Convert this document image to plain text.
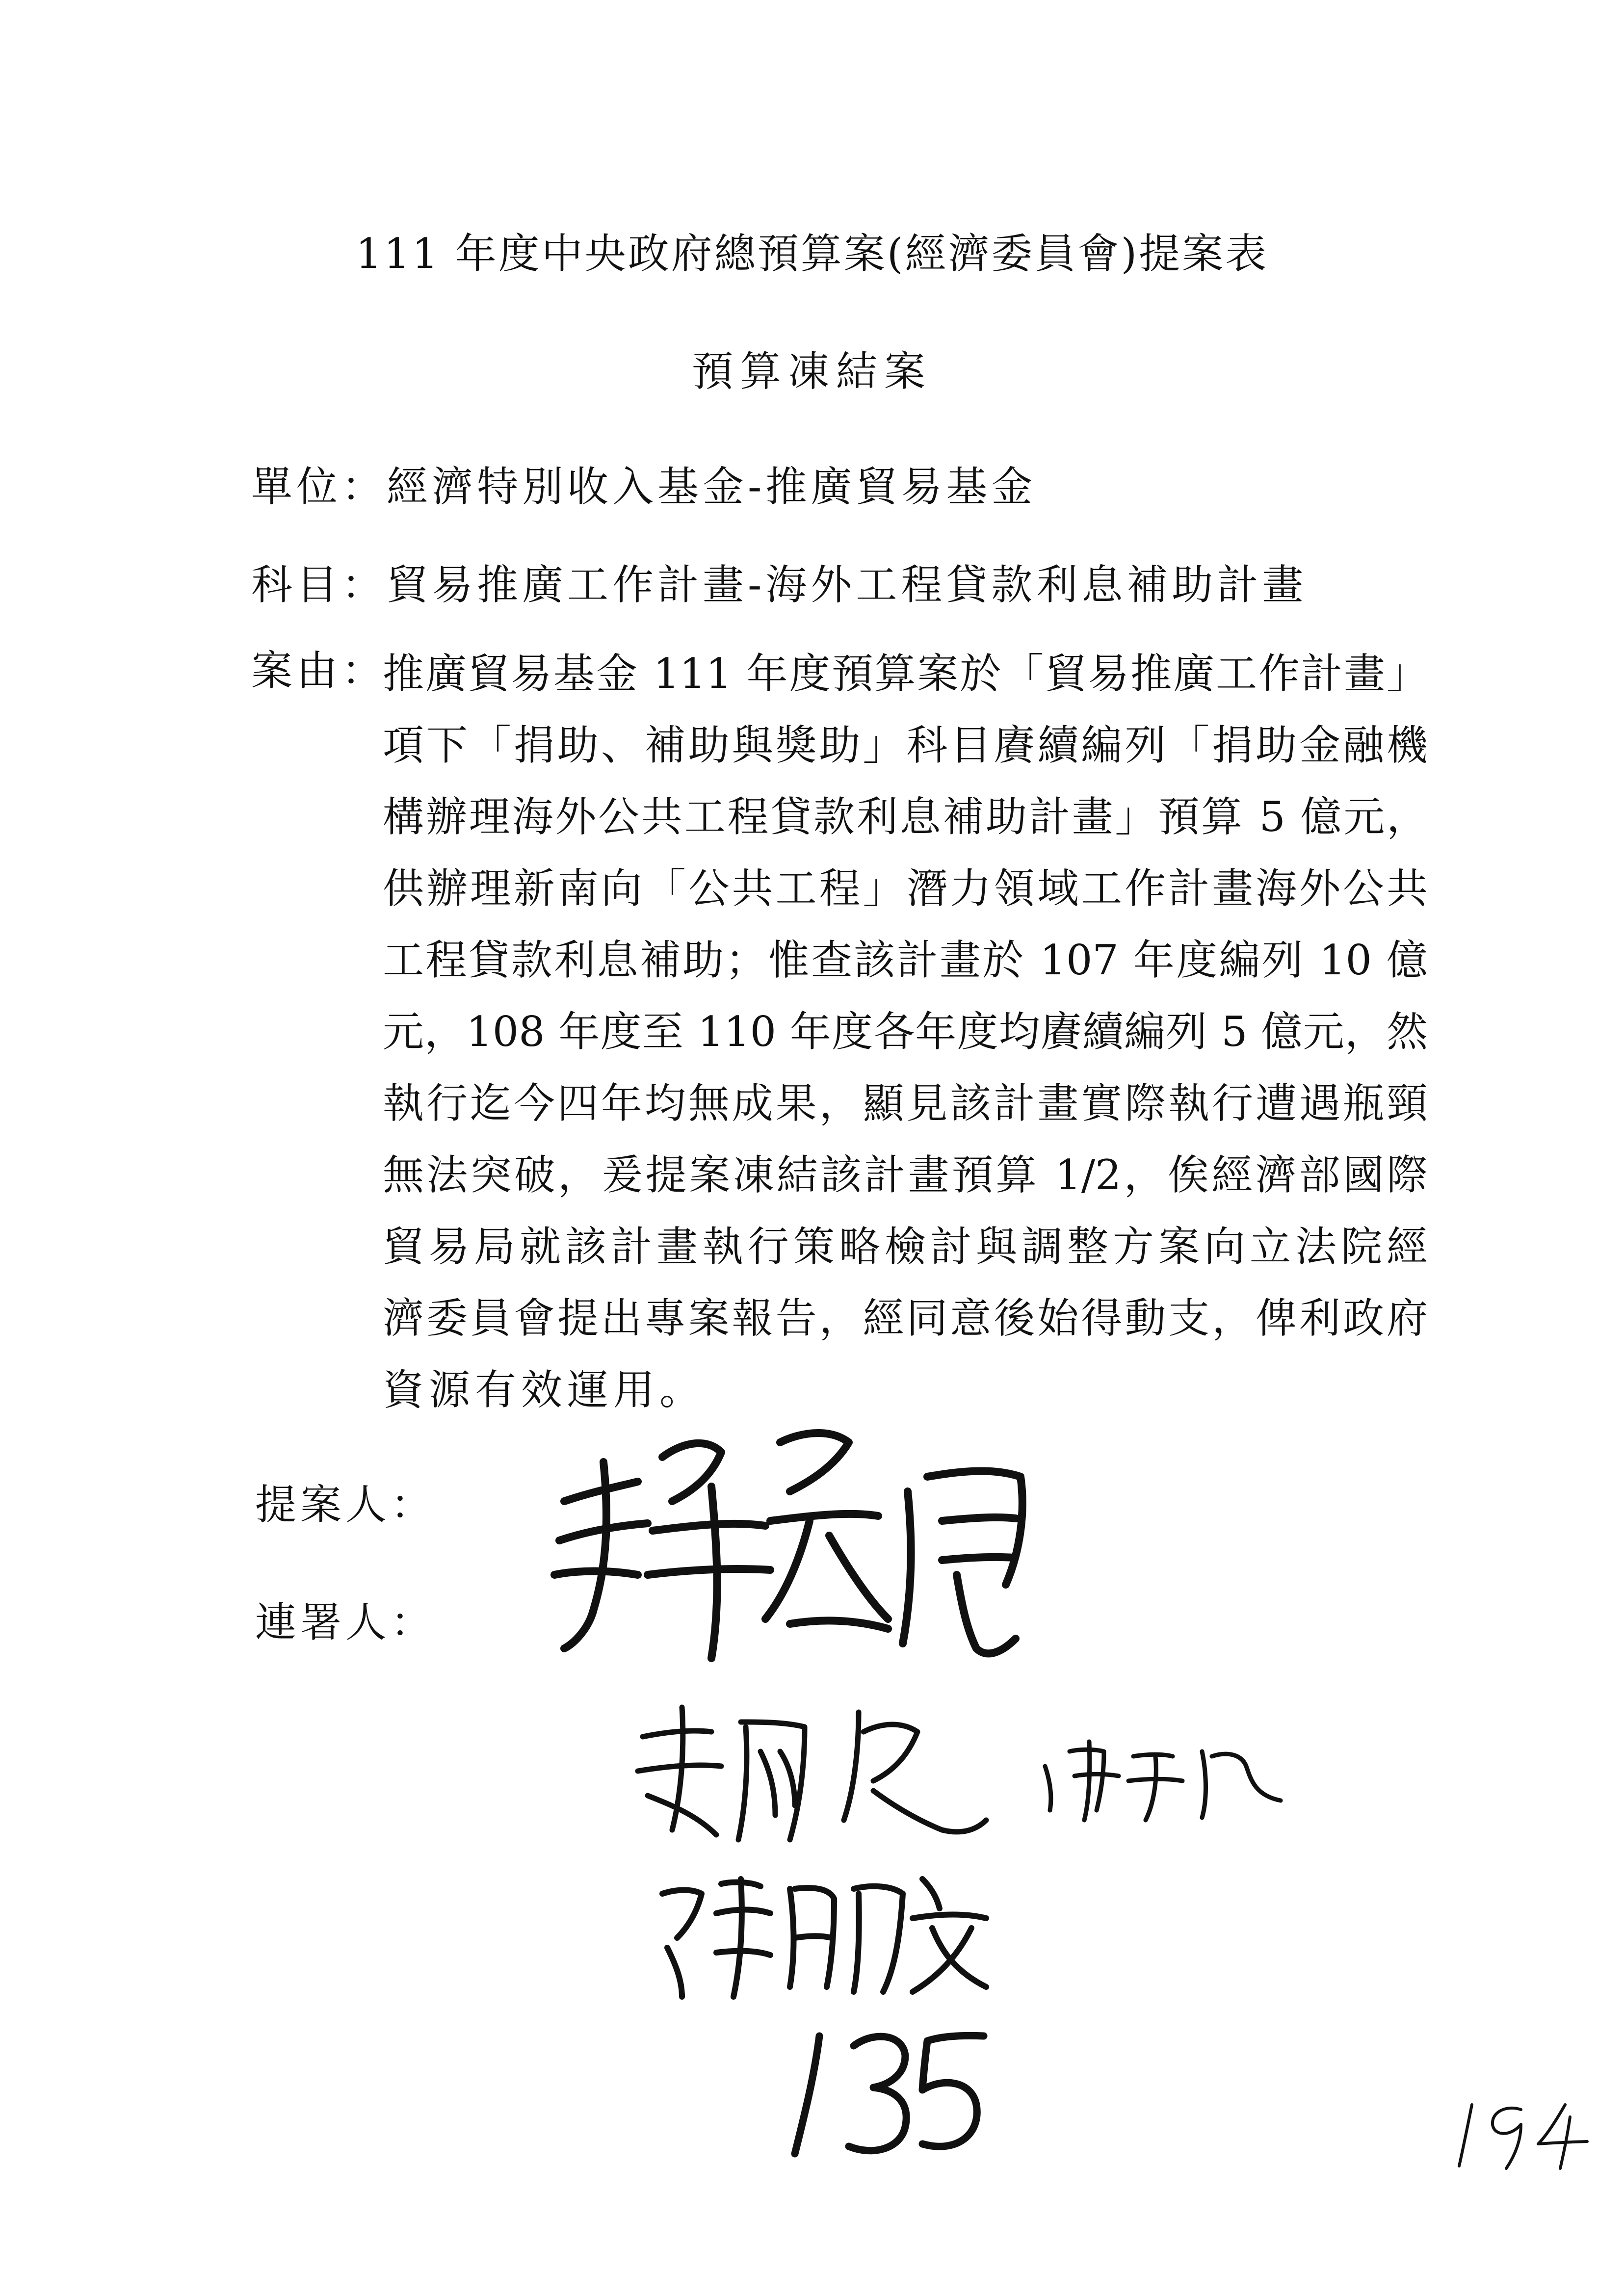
111 年度中央政府總預算案(經濟委員會)提案表
預算凍結案
單位：經濟特別收入基金-推廣貿易基金
科目：貿易推廣工作計畫-海外工程貸款利息補助計畫
案由：
推廣貿易基金 111 年度預算案於「貿易推廣工作計畫」
項下「捐助、補助與獎助」科目賡續編列「捐助金融機
構辦理海外公共工程貸款利息補助計畫」預算 5 億元，
供辦理新南向「公共工程」潛力領域工作計畫海外公共
工程貸款利息補助；惟查該計畫於 107 年度編列 10 億
元，108 年度至 110 年度各年度均賡續編列 5 億元，然
執行迄今四年均無成果，顯見該計畫實際執行遭遇瓶頸
無法突破，爰提案凍結該計畫預算 1/2，俟經濟部國際
貿易局就該計畫執行策略檢討與調整方案向立法院經
濟委員會提出專案報告，經同意後始得動支，俾利政府
資源有效運用。
提案人：
連署人：
